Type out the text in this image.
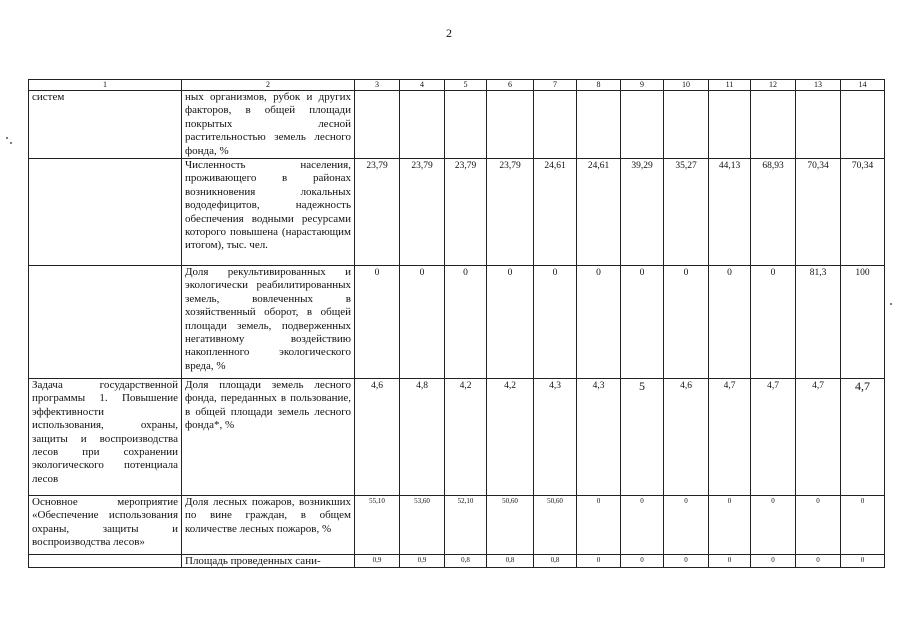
2
1	2	3	4	5	6	7	8	9	10	11	12	13	14
систем	ных организмов, рубок и других факторов, в общей площади покрытых лесной растительностью земель лесного фонда, %												
	Численность населения, проживающего в районах возникновения локальных вододефицитов, надежность обеспечения водными ресурсами которого повышена (нарастающим итогом), тыс. чел.	23,79	23,79	23,79	23,79	24,61	24,61	39,29	35,27	44,13	68,93	70,34	70,34
	Доля рекультивированных и экологически реабилитированных земель, вовлеченных в хозяйственный оборот, в общей площади земель, подверженных негативному воздействию накопленного экологического вреда, %	0	0	0	0	0	0	0	0	0	0	81,3	100
Задача государственной программы 1. Повышение эффективности использования, охраны, защиты и воспроизводства лесов при сохранении экологического потенциала лесов	Доля площади земель лесного фонда, переданных в пользование, в общей площади земель лесного фонда*, %	4,6	4,8	4,2	4,2	4,3	4,3	5	4,6	4,7	4,7	4,7	4,7
Основное мероприятие «Обеспечение использования охраны, защиты и воспроизводства лесов»	Доля лесных пожаров, возникших по вине граждан, в общем количестве лесных пожаров, %	55,10	53,60	52,10	50,60	50,60	0	0	0	0	0	0	0
	Площадь проведенных сани-	0,9	0,9	0,8	0,8	0,8	0	0	0	0	0	0	0
